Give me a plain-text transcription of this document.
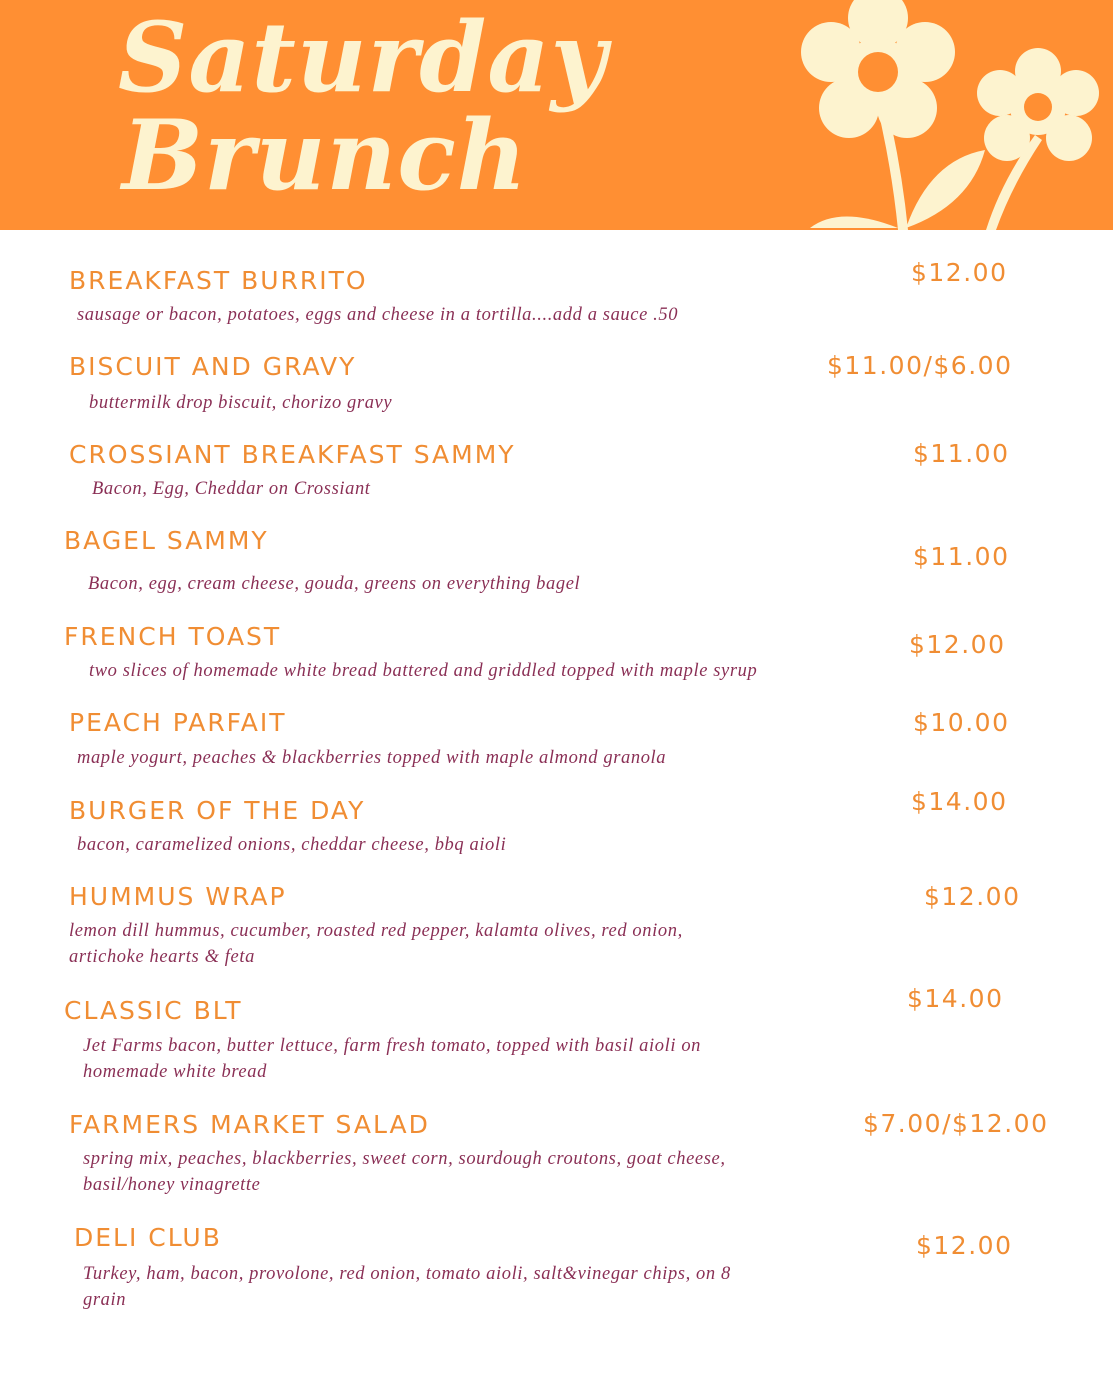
Saturday
Brunch
BREAKFAST BURRITO	$12.00
sausage or bacon, potatoes, eggs and cheese in a tortilla....add a sauce .50
BISCUIT AND GRAVY	$11.00/$6.00
buttermilk drop biscuit, chorizo gravy
CROSSIANT BREAKFAST SAMMY	$11.00
Bacon, Egg, Cheddar on Crossiant
BAGEL SAMMY
$11.00
Bacon, egg, cream cheese, gouda, greens on everything bagel
FRENCH TOAST	$12.00
two slices of homemade white bread battered and griddled topped with maple syrup
PEACH PARFAIT	$10.00
maple yogurt, peaches & blackberries topped with maple almond granola
BURGER OF THE DAY	$14.00
bacon, caramelized onions, cheddar cheese, bbq aioli
HUMMUS WRAP	$12.00
lemon dill hummus, cucumber, roasted red pepper, kalamta olives, red onion, artichoke hearts & feta
CLASSIC BLT	$14.00
Jet Farms bacon, butter lettuce, farm fresh tomato, topped with basil aioli on homemade white bread
FARMERS MARKET SALAD	$7.00/$12.00
spring mix, peaches, blackberries, sweet corn, sourdough croutons, goat cheese, basil/honey vinagrette
DELI CLUB	$12.00
Turkey, ham, bacon, provolone, red onion, tomato aioli, salt&vinegar chips, on 8 grain
